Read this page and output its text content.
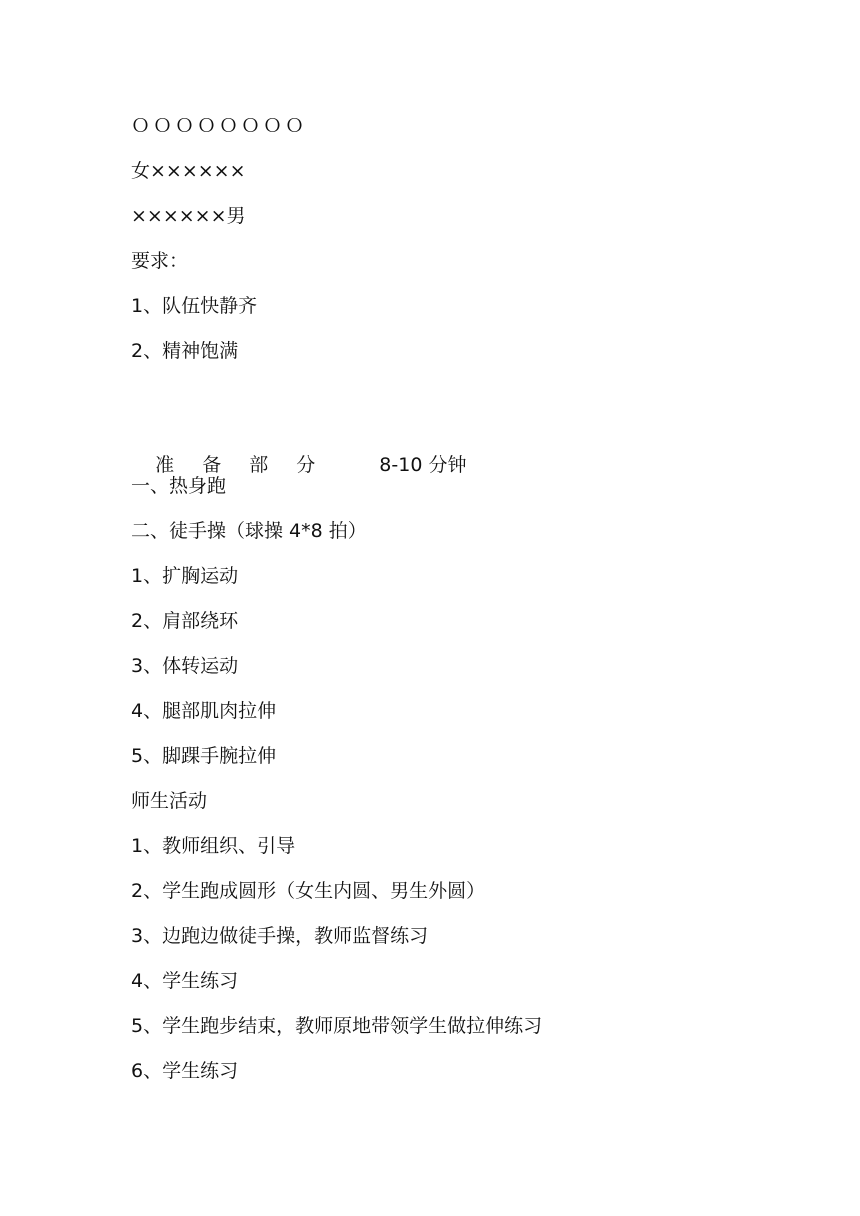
ＯＯＯＯＯＯＯＯ
女××××××
××××××男
要求：
1、队伍快静齐
2、精神饱满

准 备 部 分	8-10 分钟

一、热身跑
二、徒手操（球操 4*8 拍）
1、扩胸运动
2、肩部绕环
3、体转运动
4、腿部肌肉拉伸
5、脚踝手腕拉伸
师生活动
1、教师组织、引导
2、学生跑成圆形（女生内圆、男生外圆）
3、边跑边做徒手操，教师监督练习
4、学生练习
5、学生跑步结束，教师原地带领学生做拉伸练习
6、学生练习
